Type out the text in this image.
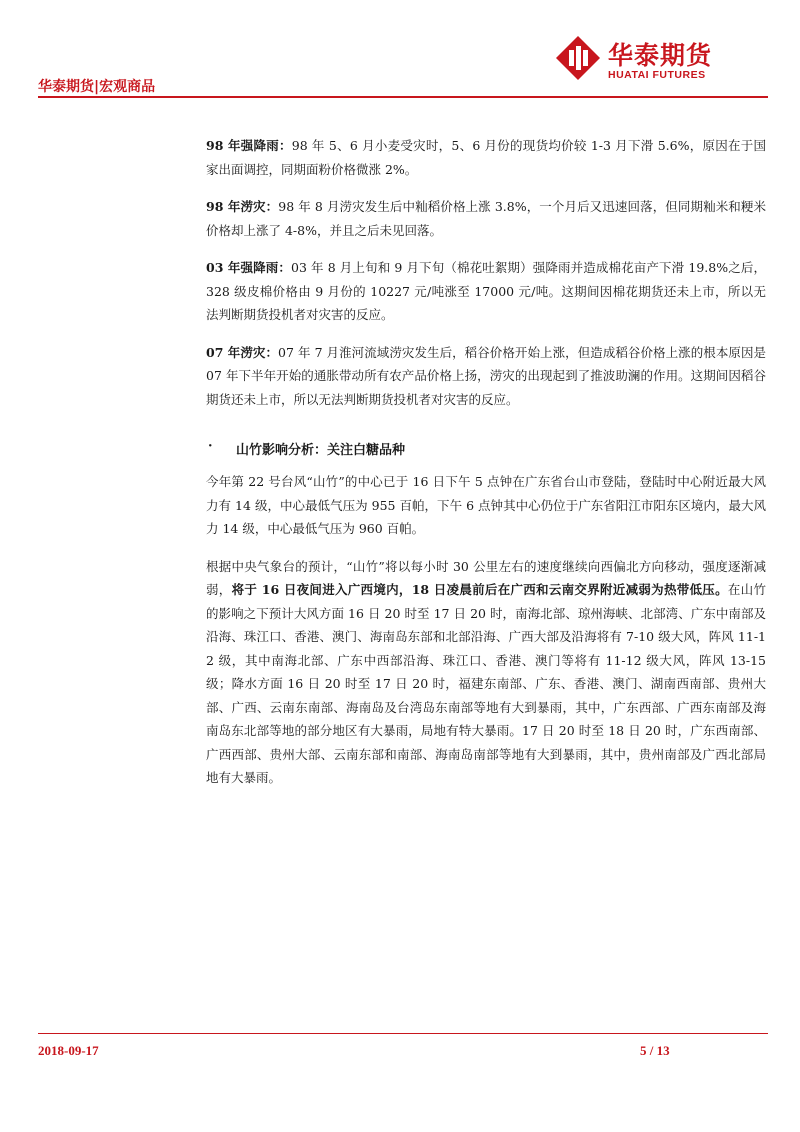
华泰期货
HUATAI FUTURES
华泰期货|宏观商品

98 年强降雨：98 年 5、6 月小麦受灾时，5、6 月份的现货均价较 1-3 月下滑 5.6%，原因在于国家出面调控，同期面粉价格微涨 2%。

98 年涝灾：98 年 8 月涝灾发生后中籼稻价格上涨 3.8%，一个月后又迅速回落，但同期籼米和粳米价格却上涨了 4-8%，并且之后未见回落。

03 年强降雨：03 年 8 月上旬和 9 月下旬（棉花吐絮期）强降雨并造成棉花亩产下滑 19.8%之后，328 级皮棉价格由 9 月份的 10227 元/吨涨至 17000 元/吨。这期间因棉花期货还未上市，所以无法判断期货投机者对灾害的反应。

07 年涝灾：07 年 7 月淮河流域涝灾发生后，稻谷价格开始上涨，但造成稻谷价格上涨的根本原因是 07 年下半年开始的通胀带动所有农产品价格上扬，涝灾的出现起到了推波助澜的作用。这期间因稻谷期货还未上市，所以无法判断期货投机者对灾害的反应。

· 山竹影响分析：关注白糖品种

今年第 22 号台风“山竹”的中心已于 16 日下午 5 点钟在广东省台山市登陆，登陆时中心附近最大风力有 14 级，中心最低气压为 955 百帕，下午 6 点钟其中心仍位于广东省阳江市阳东区境内，最大风力 14 级，中心最低气压为 960 百帕。

根据中央气象台的预计，“山竹”将以每小时 30 公里左右的速度继续向西偏北方向移动，强度逐渐减弱，将于 16 日夜间进入广西境内，18 日凌晨前后在广西和云南交界附近减弱为热带低压。在山竹的影响之下预计大风方面 16 日 20 时至 17 日 20 时，南海北部、琼州海峡、北部湾、广东中南部及沿海、珠江口、香港、澳门、海南岛东部和北部沿海、广西大部及沿海将有 7-10 级大风，阵风 11-12 级，其中南海北部、广东中西部沿海、珠江口、香港、澳门等将有 11-12 级大风，阵风 13-15 级；降水方面 16 日 20 时至 17 日 20 时，福建东南部、广东、香港、澳门、湖南西南部、贵州大部、广西、云南东南部、海南岛及台湾岛东南部等地有大到暴雨，其中，广东西部、广西东南部及海南岛东北部等地的部分地区有大暴雨，局地有特大暴雨。17 日 20 时至 18 日 20 时，广东西南部、广西西部、贵州大部、云南东部和南部、海南岛南部等地有大到暴雨，其中，贵州南部及广西北部局地有大暴雨。

2018-09-17	5 / 13
